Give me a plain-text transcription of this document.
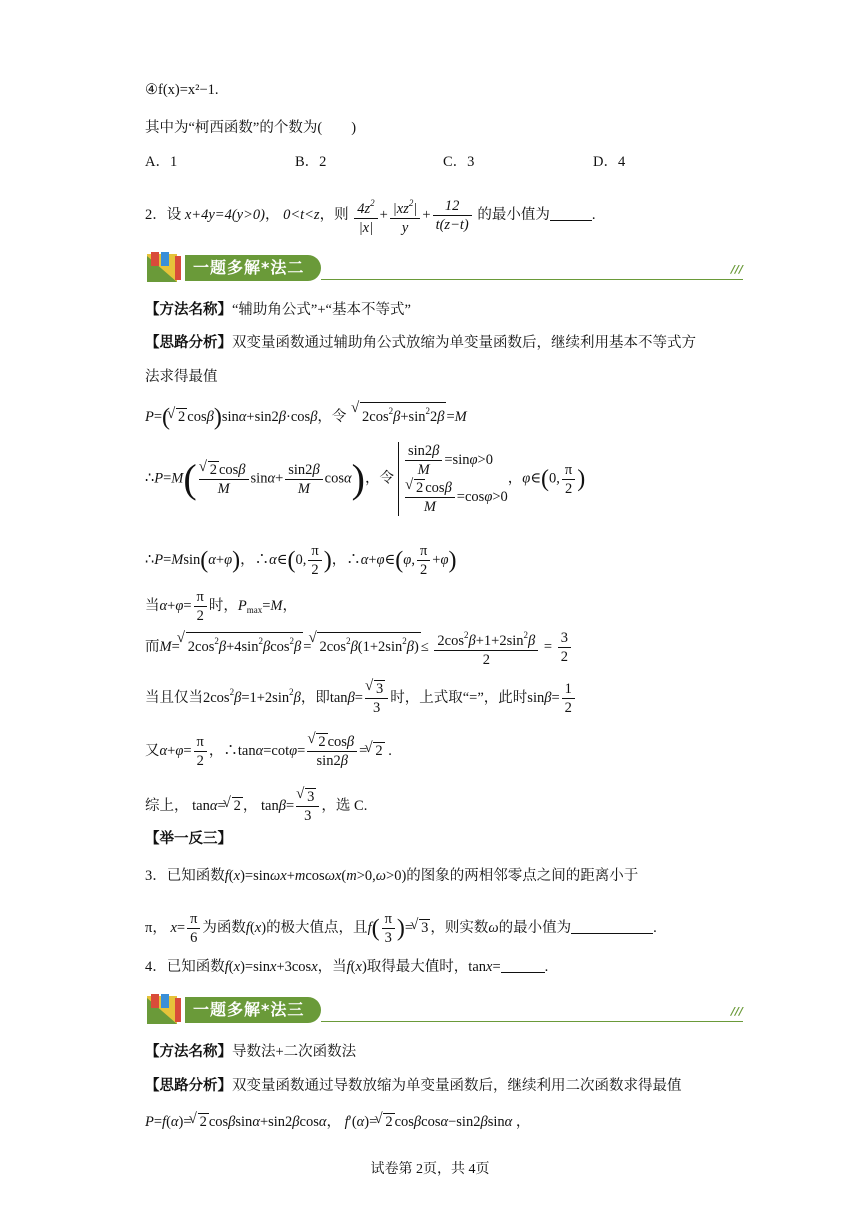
④f(x)=x²−1.
其中为“柯西函数”的个数为(　　)
A．1	B．2	C．3	D．4
2．设 x+4y=4(y>0)， 0<t<z，则 $\frac{4z^2}{|x|} + \frac{|xz^2|}{y} + \frac{12}{t(z-t)}$ 的最小值为	.
一题多解*法二	///
【方法名称】“辅助角公式”+“基本不等式”
【思路分析】双变量函数通过辅助角公式放缩为单变量函数后，继续利用基本不等式方
法求得最值
P=( √ 2 cosβ)sinα+sin2β·cosβ，令 √ $2\cos^2\beta+\sin^22\beta =M$
∴P=M( √ $\frac{2 \cos\beta}{M} \sin\alpha+ \frac{\sin 2\beta}{M} \cos\alpha$)，令 $\frac{\sin 2\beta}{M} =\sin\varphi>0$

√ $\frac{2 \cos\beta}{M} =\cos\varphi>0$，φ∈(0, $\frac{\pi}{2}$ )
∴P=Msin(α+φ)，∴α∈(0, $\frac{\pi}{2}$ )，∴α+φ∈(φ, $\frac{\pi}{2} +\varphi$)
当$\alpha+\varphi= \frac{\pi}{2}$ 时，$P_{max}=M$，
而M= √ $2\cos^2\beta+4\sin^2\beta\cos^2\beta$ = √ $2\cos^2\beta(1+2\sin^2\beta) \le \frac{2\cos^2\beta+1+2\sin^2\beta}{2} = \frac{3}{2}$
当且仅当$2\cos^2\beta=1+2\sin^2\beta$，即tanβ= √ $\frac{3}{3}$ 时，上式取“=”，此时$\sin\beta= \frac{1}{2}$
又$\alpha+\varphi= \frac{\pi}{2}$ ，∴tanα=cotφ= √ $\frac{2 \cos\beta}{\sin 2\beta}$ = √ 2 .
综上， tanα= √ 2 ， tanβ= √ $\frac{3}{3}$ ，选 C.
【举一反三】
3．已知函数f(x)=sinωx+mcosωx(m>0,ω>0)的图象的两相邻零点之间的距离小于
π， $x= \frac{\pi}{6}$ 为函数f(x)的极大值点，且$f( \frac{\pi}{3}$ )= √ 3 ，则实数ω的最小值为	.
4．已知函数f(x)=sinx+3cosx，当f(x)取得最大值时，tanx=	.
一题多解*法三	///
【方法名称】导数法+二次函数法
【思路分析】双变量函数通过导数放缩为单变量函数后，继续利用二次函数求得最值
P=f(α)= √ 2 cosβsinα+sin2βcosα， f′(α)= √ 2 cosβcosα−sin2βsinα ，
试卷第 2页，共 4页
